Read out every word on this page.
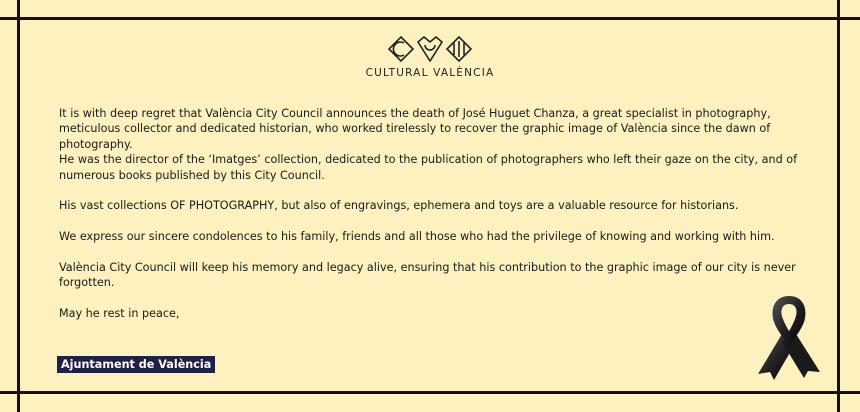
CULTURAL VALÈNCIA

It is with deep regret that València City Council announces the death of José Huguet Chanza, a great specialist in photography, meticulous collector and dedicated historian, who worked tirelessly to recover the graphic image of València since the dawn of photography.

He was the director of the ‘Imatges’ collection, dedicated to the publication of photographers who left their gaze on the city, and of numerous books published by this City Council.

His vast collections OF PHOTOGRAPHY, but also of engravings, ephemera and toys are a valuable resource for historians.

We express our sincere condolences to his family, friends and all those who had the privilege of knowing and working with him.

València City Council will keep his memory and legacy alive, ensuring that his contribution to the graphic image of our city is never forgotten.

May he rest in peace,

Ajuntament de València
